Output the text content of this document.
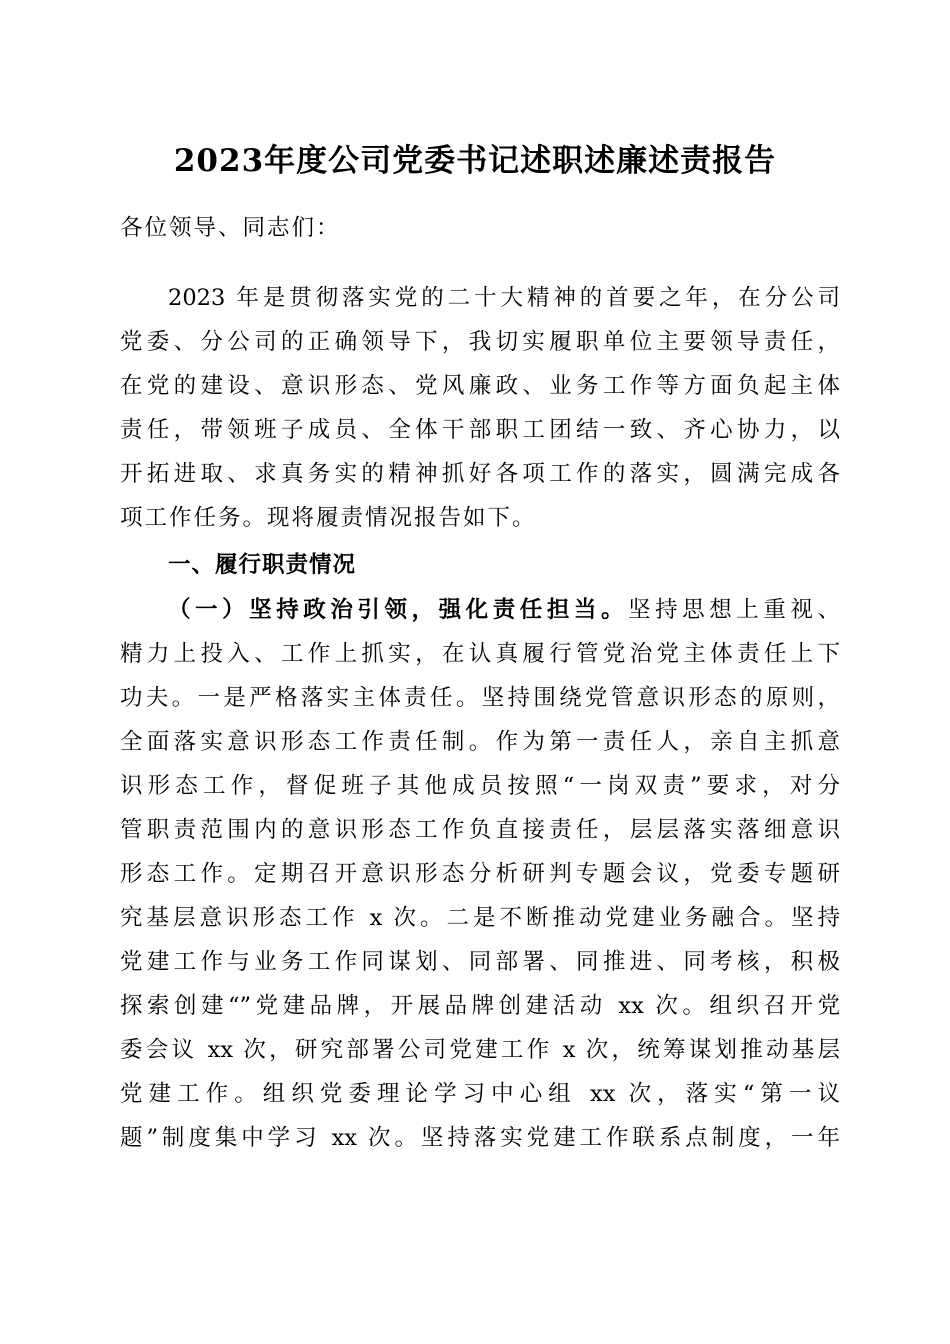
2023年度公司党委书记述职述廉述责报告
各位领导、同志们：
2023 年是贯彻落实党的二十大精神的首要之年，在分公司
党委、分公司的正确领导下，我切实履职单位主要领导责任，
在党的建设、意识形态、党风廉政、业务工作等方面负起主体
责任，带领班子成员、全体干部职工团结一致、齐心协力，以
开拓进取、求真务实的精神抓好各项工作的落实，圆满完成各
项工作任务。现将履责情况报告如下。
一、履行职责情况
（一）坚持政治引领，强化责任担当。坚持思想上重视、
精力上投入、工作上抓实，在认真履行管党治党主体责任上下
功夫。一是严格落实主体责任。坚持围绕党管意识形态的原则，
全面落实意识形态工作责任制。作为第一责任人，亲自主抓意
识形态工作，督促班子其他成员按照“一岗双责”要求，对分
管职责范围内的意识形态工作负直接责任，层层落实落细意识
形态工作。定期召开意识形态分析研判专题会议，党委专题研
究基层意识形态工作 x 次。二是不断推动党建业务融合。坚持
党建工作与业务工作同谋划、同部署、同推进、同考核，积极
探索创建“”党建品牌，开展品牌创建活动 xx 次。组织召开党
委会议 xx 次，研究部署公司党建工作 x 次，统筹谋划推动基层
党建工作。组织党委理论学习中心组 xx 次，落实“第一议
题”制度集中学习 xx 次。坚持落实党建工作联系点制度，一年
